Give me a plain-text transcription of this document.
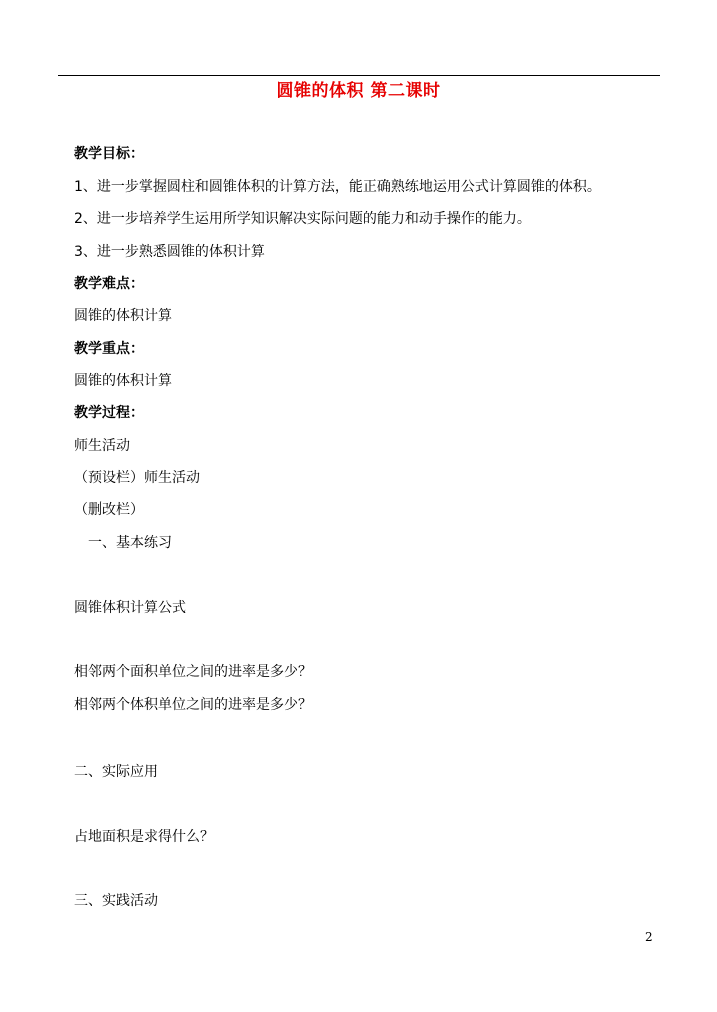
圆锥的体积 第二课时
教学目标：
1、进一步掌握圆柱和圆锥体积的计算方法，能正确熟练地运用公式计算圆锥的体积。
2、进一步培养学生运用所学知识解决实际问题的能力和动手操作的能力。
3、进一步熟悉圆锥的体积计算
教学难点：
圆锥的体积计算
教学重点：
圆锥的体积计算
教学过程：
师生活动
（预设栏）师生活动
（删改栏）
一、基本练习
圆锥体积计算公式
相邻两个面积单位之间的进率是多少？
相邻两个体积单位之间的进率是多少？
二、实际应用
占地面积是求得什么？
三、实践活动
2
